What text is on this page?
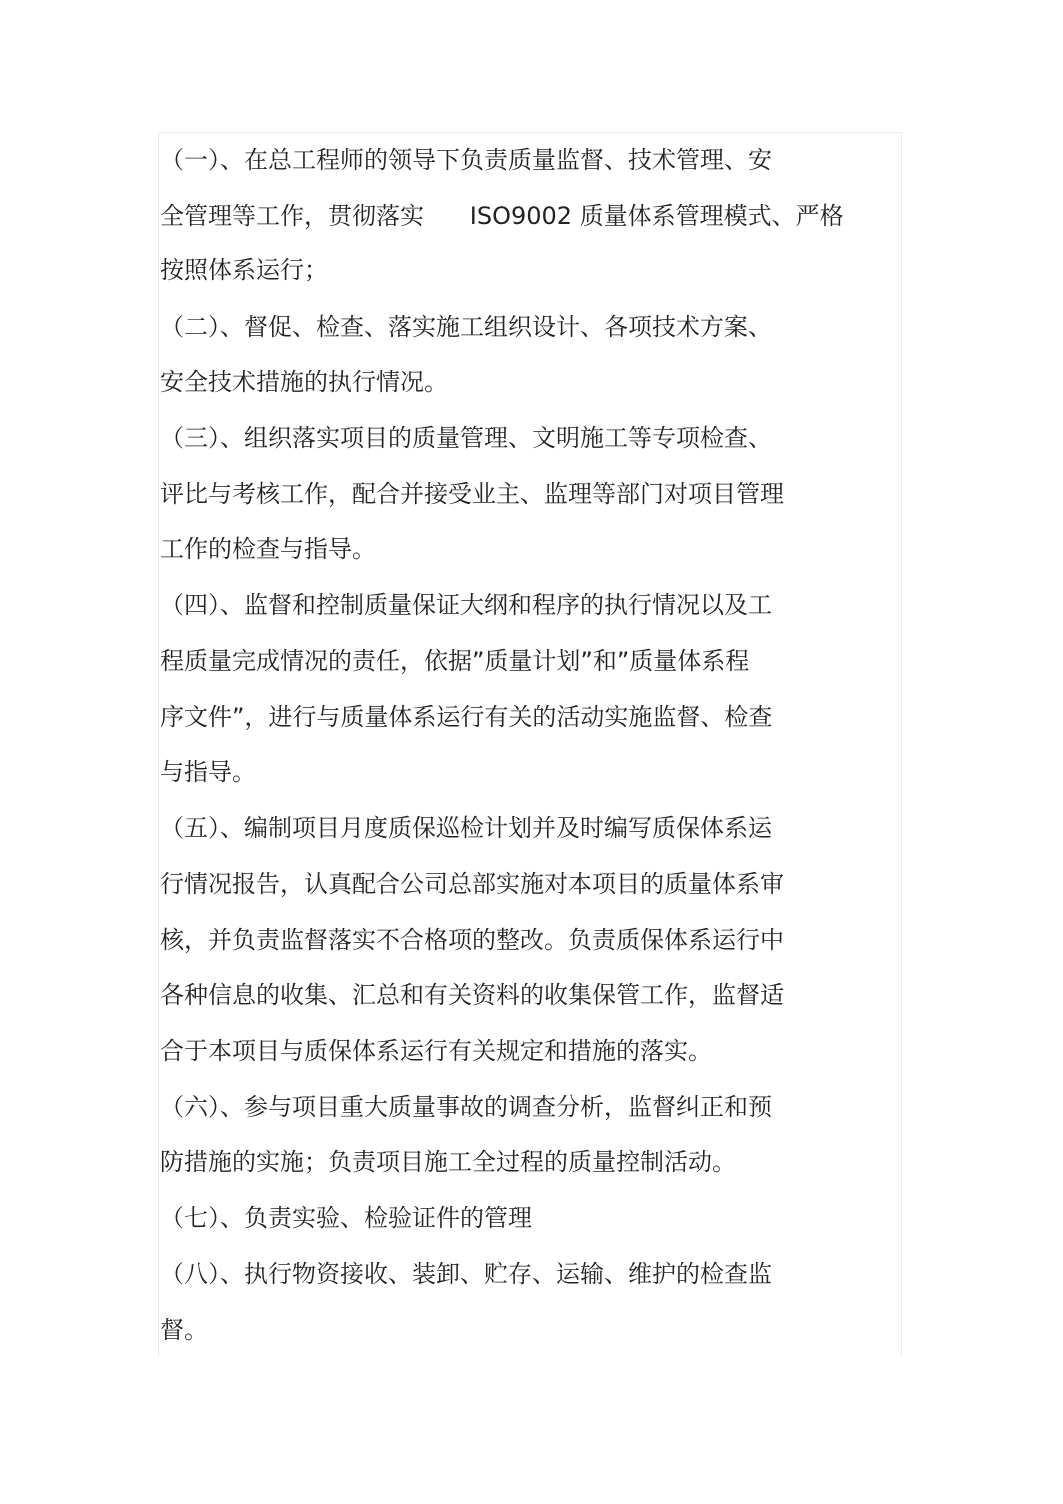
（一）、在总工程师的领导下负责质量监督、技术管理、安
全管理等工作，贯彻落实      ISO9002 质量体系管理模式、严格
按照体系运行；
（二）、督促、检查、落实施工组织设计、各项技术方案、
安全技术措施的执行情况。
（三）、组织落实项目的质量管理、文明施工等专项检查、
评比与考核工作，配合并接受业主、监理等部门对项目管理
工作的检查与指导。
（四）、监督和控制质量保证大纲和程序的执行情况以及工
程质量完成情况的责任，依据”质量计划”和”质量体系程
序文件”，进行与质量体系运行有关的活动实施监督、检查
与指导。
（五）、编制项目月度质保巡检计划并及时编写质保体系运
行情况报告，认真配合公司总部实施对本项目的质量体系审
核，并负责监督落实不合格项的整改。负责质保体系运行中
各种信息的收集、汇总和有关资料的收集保管工作，监督适
合于本项目与质保体系运行有关规定和措施的落实。
（六）、参与项目重大质量事故的调查分析，监督纠正和预
防措施的实施；负责项目施工全过程的质量控制活动。
（七）、负责实验、检验证件的管理
（八）、执行物资接收、装卸、贮存、运输、维护的检查监
督。
